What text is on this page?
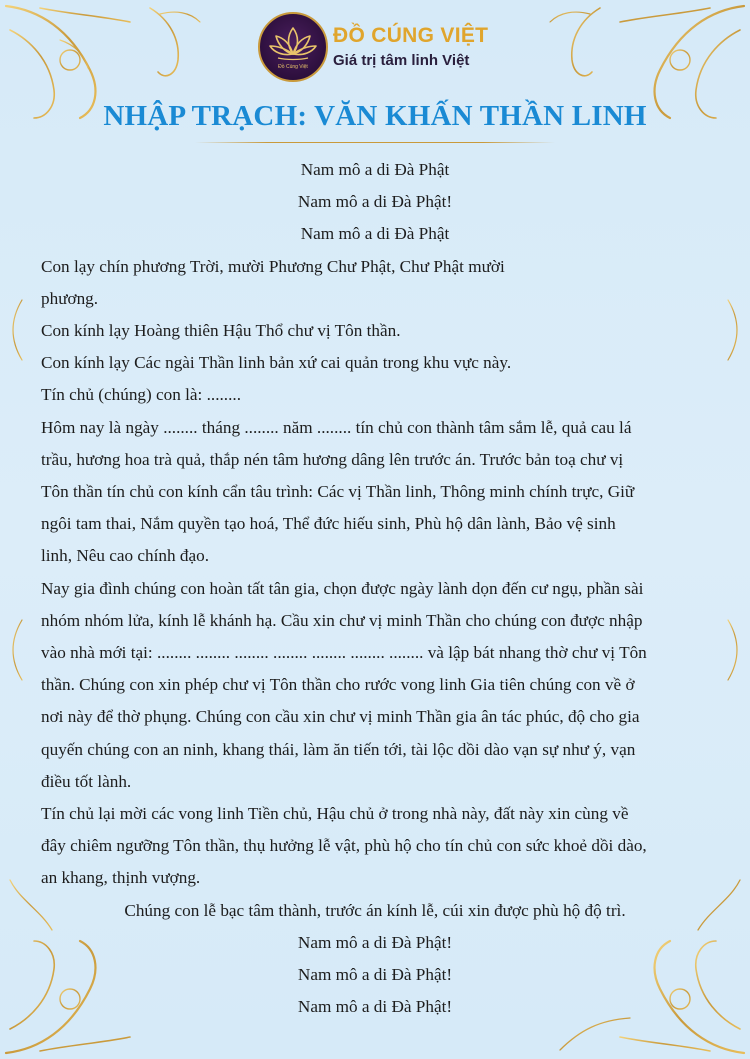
Đồ Cúng Việt
ĐỒ CÚNG VIỆT
Giá trị tâm linh Việt
NHẬP TRẠCH: VĂN KHẤN THẦN LINH
Nam mô a di Đà Phật
Nam mô a di Đà Phật!
Nam mô a di Đà Phật
Con lạy chín phương Trời, mười Phương Chư Phật, Chư Phật mười
phương.
Con kính lạy Hoàng thiên Hậu Thổ chư vị Tôn thần.
Con kính lạy Các ngài Thần linh bản xứ cai quản trong khu vực này.
Tín chủ (chúng) con là: ........
Hôm nay là ngày ........ tháng ........ năm ........ tín chủ con thành tâm sắm lễ, quả cau lá
trầu, hương hoa trà quả, thắp nén tâm hương dâng lên trước án. Trước bản toạ chư vị
Tôn thần tín chủ con kính cẩn tâu trình: Các vị Thần linh, Thông minh chính trực, Giữ
ngôi tam thai, Nắm quyền tạo hoá, Thể đức hiếu sinh, Phù hộ dân lành, Bảo vệ sinh
linh, Nêu cao chính đạo.
Nay gia đình chúng con hoàn tất tân gia, chọn được ngày lành dọn đến cư ngụ, phần sài
nhóm nhóm lửa, kính lễ khánh hạ. Cầu xin chư vị minh Thần cho chúng con được nhập
vào nhà mới tại: ........ ........ ........ ........ ........ ........ ........ và lập bát nhang thờ chư vị Tôn
thần. Chúng con xin phép chư vị Tôn thần cho rước vong linh Gia tiên chúng con về ở
nơi này để thờ phụng. Chúng con cầu xin chư vị minh Thần gia ân tác phúc, độ cho gia
quyến chúng con an ninh, khang thái, làm ăn tiến tới, tài lộc dồi dào vạn sự như ý, vạn
điều tốt lành.
Tín chủ lại mời các vong linh Tiền chủ, Hậu chủ ở trong nhà này, đất này xin cùng về
đây chiêm ngưỡng Tôn thần, thụ hưởng lễ vật, phù hộ cho tín chủ con sức khoẻ dồi dào,
an khang, thịnh vượng.
Chúng con lễ bạc tâm thành, trước án kính lễ, cúi xin được phù hộ độ trì.
Nam mô a di Đà Phật!
Nam mô a di Đà Phật!
Nam mô a di Đà Phật!
